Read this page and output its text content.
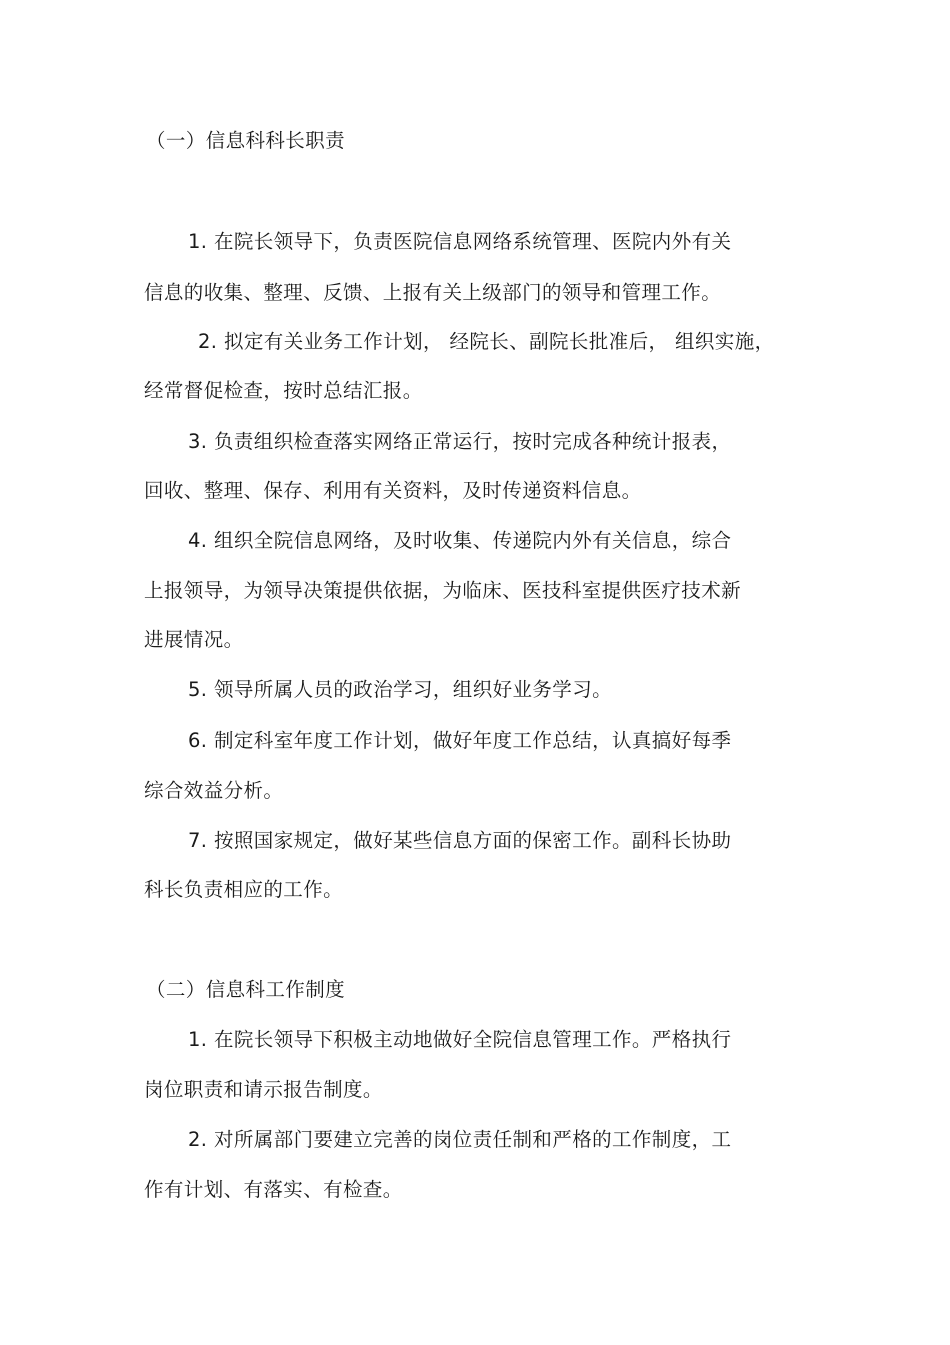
（一）信息科科长职责

1. 在院长领导下，负责医院信息网络系统管理、医院内外有关

信息的收集、整理、反馈、上报有关上级部门的领导和管理工作。

2. 拟定有关业务工作计划， 经院长、副院长批准后， 组织实施，

经常督促检查，按时总结汇报。

3. 负责组织检查落实网络正常运行，按时完成各种统计报表，

回收、整理、保存、利用有关资料，及时传递资料信息。

4. 组织全院信息网络，及时收集、传递院内外有关信息，综合

上报领导，为领导决策提供依据，为临床、医技科室提供医疗技术新

进展情况。

5. 领导所属人员的政治学习，组织好业务学习。

6. 制定科室年度工作计划，做好年度工作总结，认真搞好每季

综合效益分析。

7. 按照国家规定，做好某些信息方面的保密工作。副科长协助

科长负责相应的工作。

（二）信息科工作制度

1. 在院长领导下积极主动地做好全院信息管理工作。严格执行

岗位职责和请示报告制度。

2. 对所属部门要建立完善的岗位责任制和严格的工作制度，工

作有计划、有落实、有检查。
